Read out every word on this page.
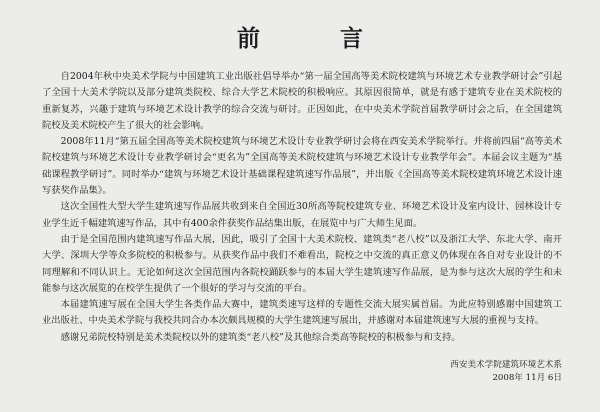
前 言

自2004年秋中央美术学院与中国建筑工业出版社倡导举办“第一届全国高等美术院校建筑与环境艺术专业教学研讨会”引起了全国十大美术学院以及部分建筑类院校、综合大学艺术院校的积极响应。其原因很简单，就是有感于建筑专业在美术院校的重新复苏，兴趣于建筑与环境艺术设计教学的综合交流与研讨。正因如此，在中央美术学院首届教学研讨会之后，在全国建筑院校及美术院校产生了很大的社会影响。

2008年11月“第五届全国高等美术院校建筑与环境艺术设计专业教学研讨会将在西安美术学院举行。并将前四届“高等美术院校建筑与环境艺术设计专业教学研讨会“更名为”全国高等美术院校建筑与环境艺术设计专业教学年会”。本届会议主题为“基础课程教学研讨”。同时举办“建筑与环境艺术设计基础课程建筑速写作品展”，并出版《全国高等美术院校建筑环境艺术设计速写获奖作品集》。

这次全国性大型大学生建筑速写作品展共收到来自全国近30所高等院校建筑专业、环境艺术设计及室内设计、园林设计专业学生近千幅建筑速写作品，其中有400余件获奖作品结集出版，在展览中与广大师生见面。

由于是全国范围内建筑速写作品大展，因此，吸引了全国十大美术院校、建筑类“老八校”以及浙江大学、东北大学、南开大学、深圳大学等众多院校的积极参与。从获奖作品中我们不难看出，院校之中交流的真正意义仍体现在各自对专业设计的不同理解和不同认识上。无论如何这次全国范围内各院校踊跃参与的本届大学生建筑速写作品展，是为参与这次大展的学生和未能参与这次展览的在校学生提供了一个很好的学习与交流的平台。

本届建筑速写展在全国大学生各类作品大赛中，建筑类速写这样的专题性交流大展实属首届。为此应特别感谢中国建筑工业出版社、中央美术学院与我校共同合办本次颇具规模的大学生建筑速写展出，并感谢对本届建筑速写大展的重视与支持。

感谢兄弟院校特别是美术类院校以外的建筑类“老八校”及其他综合类高等院校的积极参与和支持。

西安美术学院建筑环境艺术系
2008年 11月 6日
